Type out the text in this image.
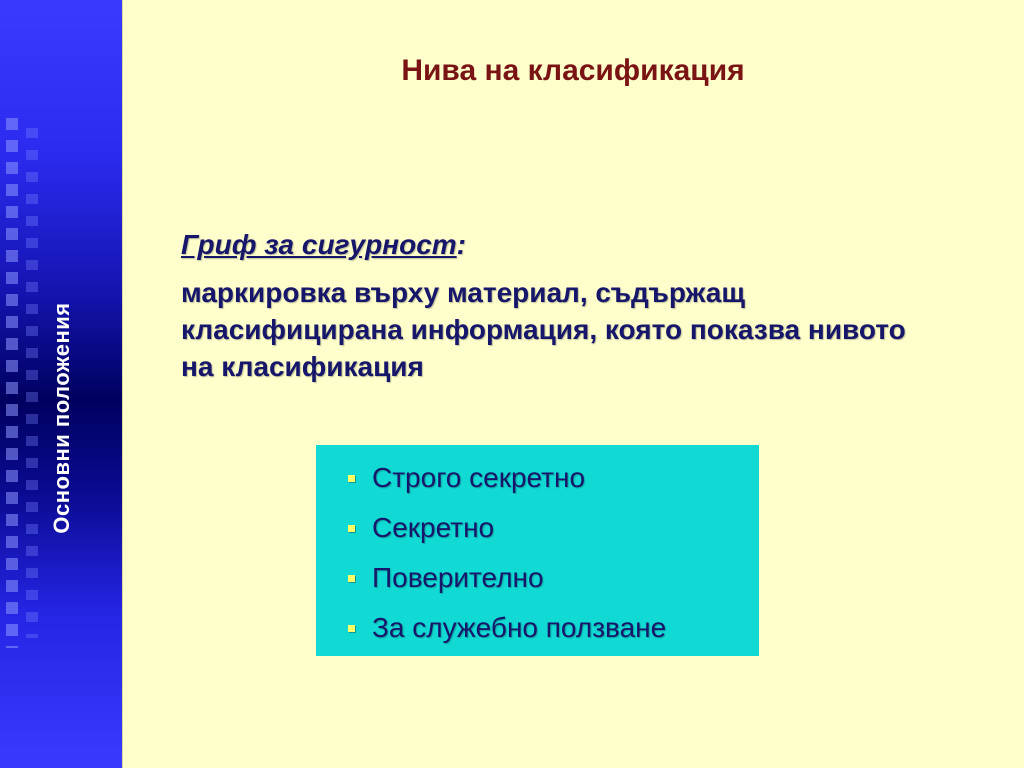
Основни положения
Нива на класификация
Гриф за сигурност:
маркировка върху материал, съдържащ класифицирана информация, която показва нивото на класификация
Строго секретно
Секретно
Поверително
За служебно ползване
